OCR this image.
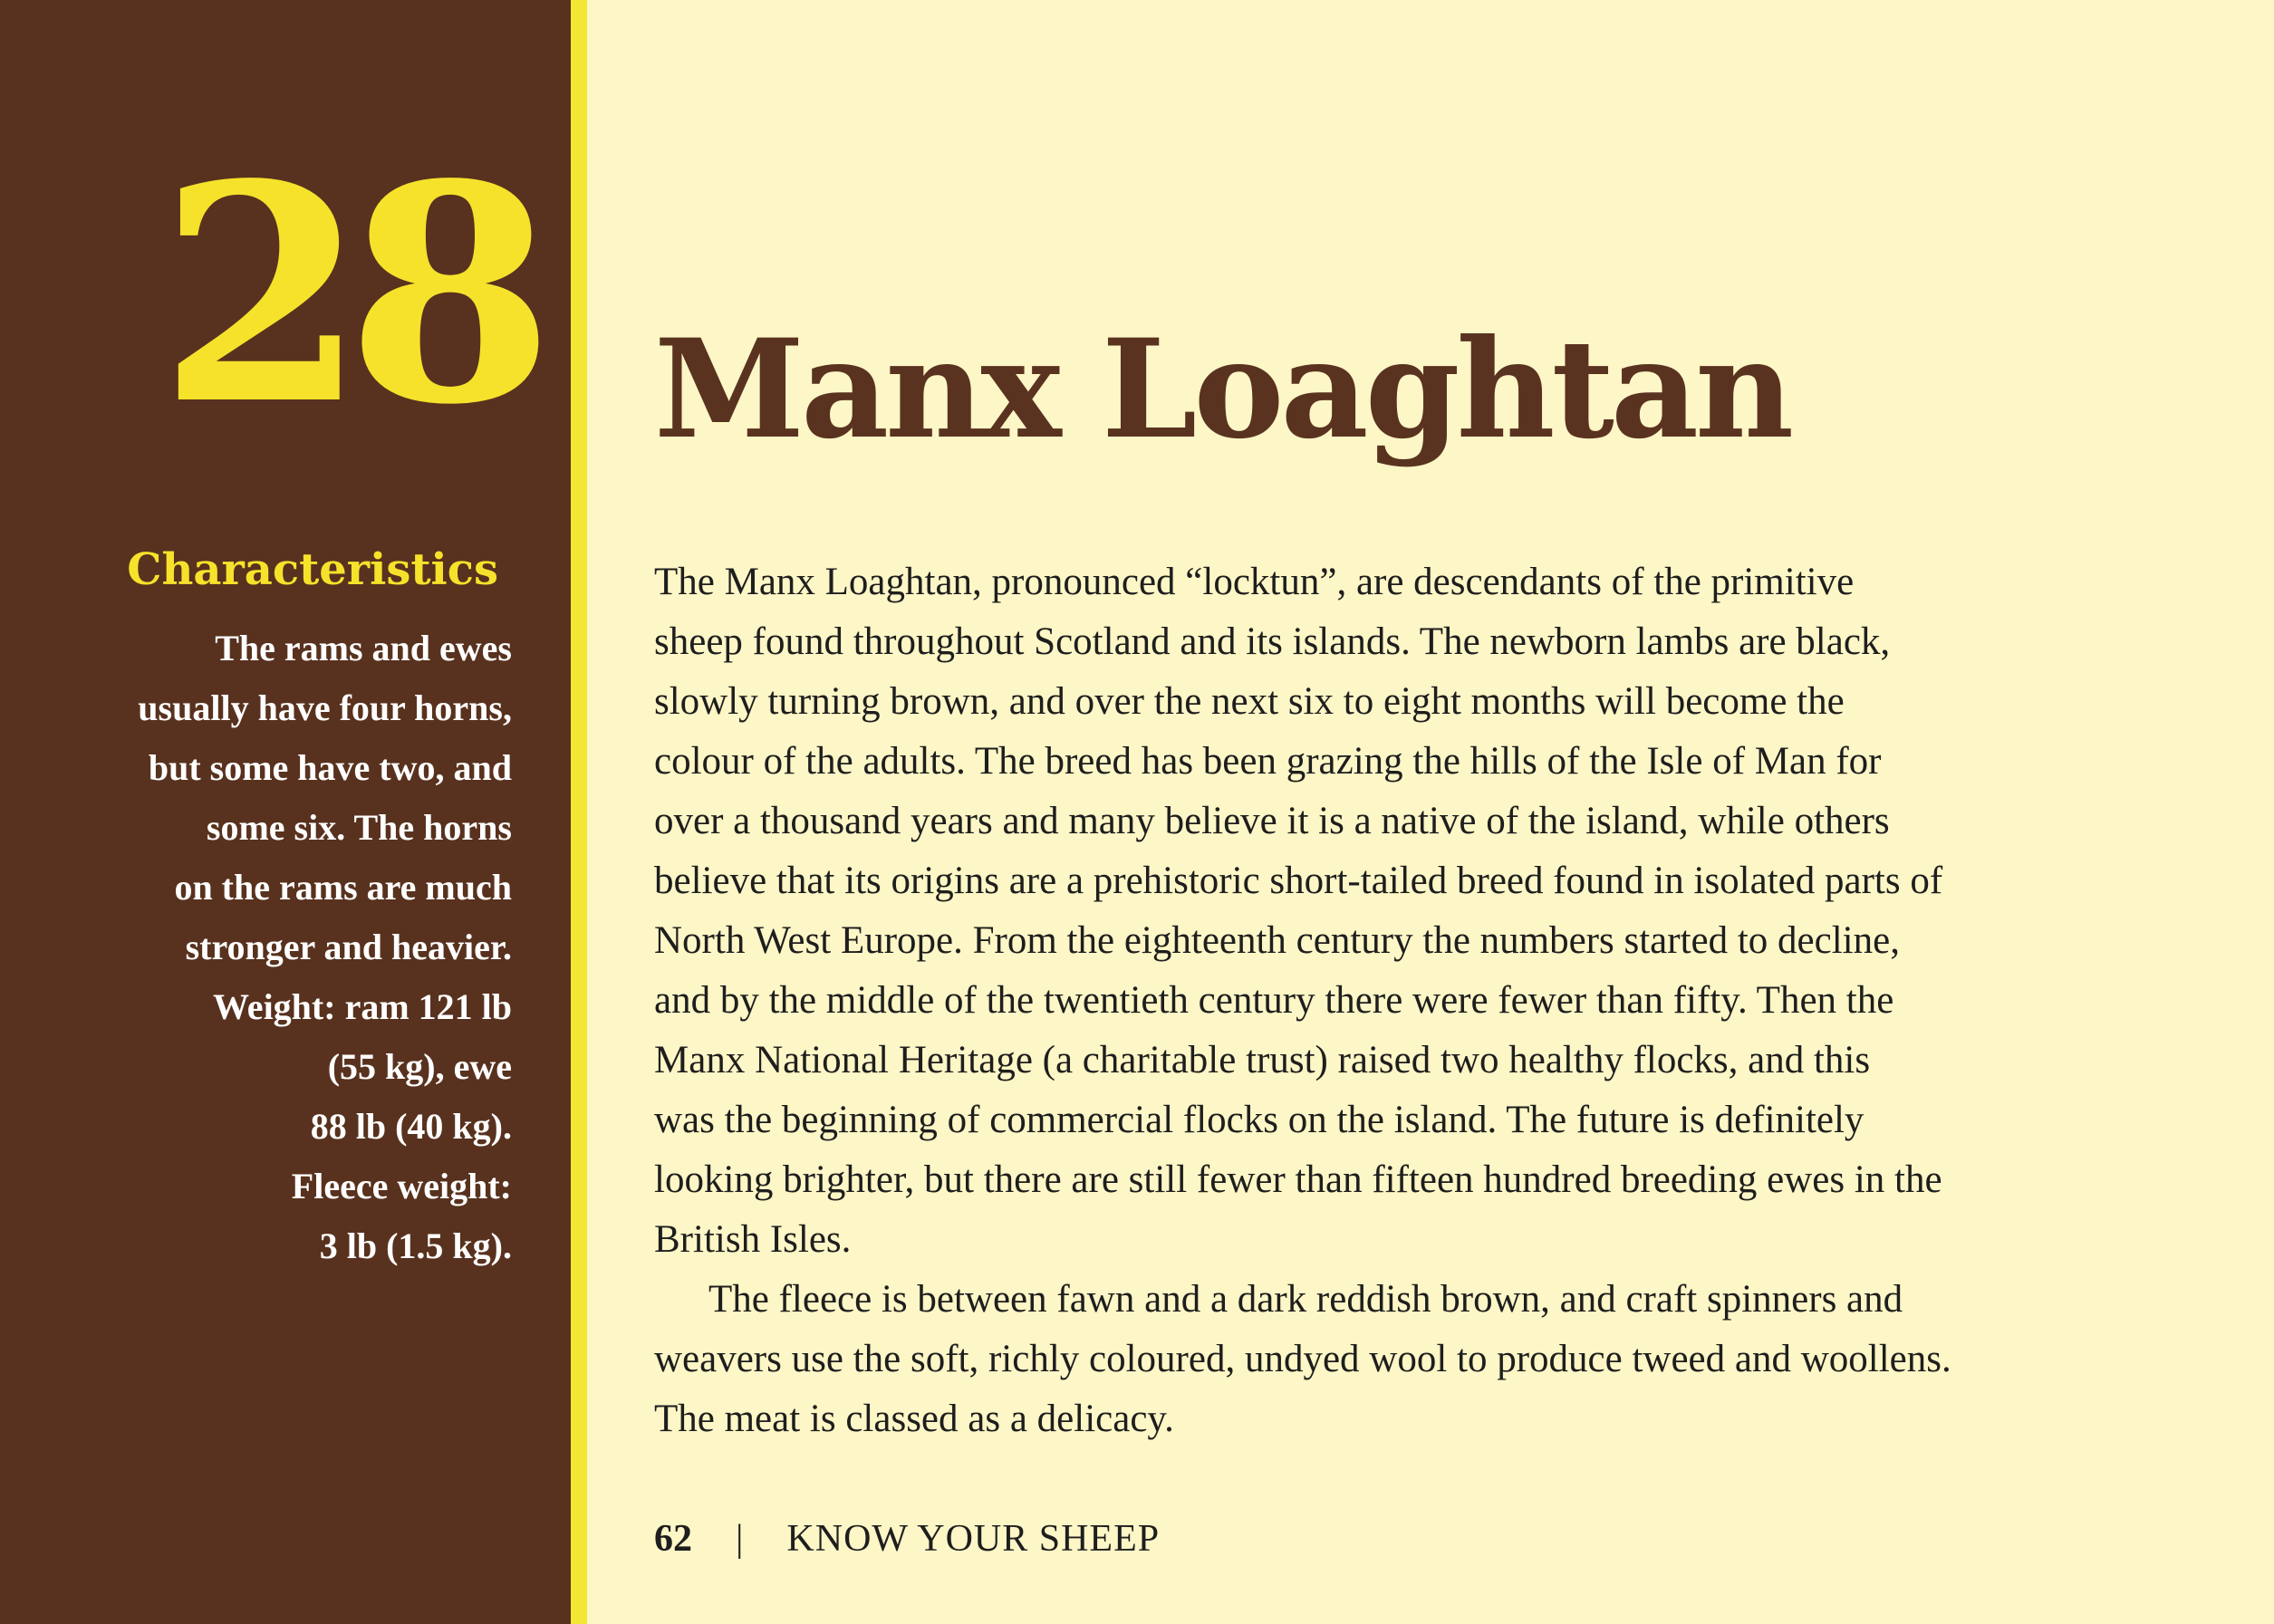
28
Characteristics
The rams and ewes
usually have four horns,
but some have two, and
some six. The horns
on the rams are much
stronger and heavier.
Weight: ram 121 lb
(55 kg), ewe
88 lb (40 kg).
Fleece weight:
3 lb (1.5 kg).
Manx Loaghtan
The Manx Loaghtan, pronounced “locktun”, are descendants of the primitive
sheep found throughout Scotland and its islands. The newborn lambs are black,
slowly turning brown, and over the next six to eight months will become the
colour of the adults. The breed has been grazing the hills of the Isle of Man for
over a thousand years and many believe it is a native of the island, while others
believe that its origins are a prehistoric short-tailed breed found in isolated parts of
North West Europe. From the eighteenth century the numbers started to decline,
and by the middle of the twentieth century there were fewer than fifty. Then the
Manx National Heritage (a charitable trust) raised two healthy flocks, and this
was the beginning of commercial flocks on the island. The future is definitely
looking brighter, but there are still fewer than fifteen hundred breeding ewes in the
British Isles.
The fleece is between fawn and a dark reddish brown, and craft spinners and
weavers use the soft, richly coloured, undyed wool to produce tweed and woollens.
The meat is classed as a delicacy.
62 | KNOW YOUR SHEEP
